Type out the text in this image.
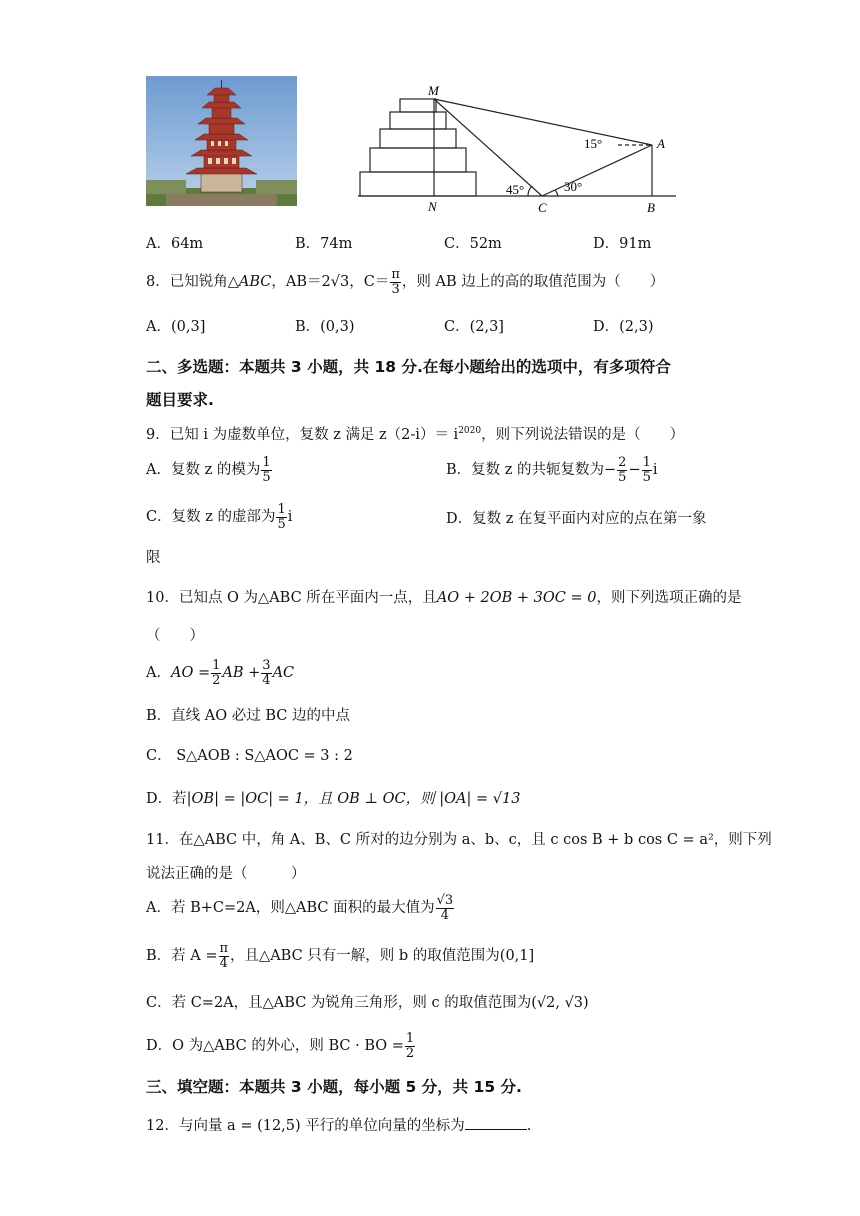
M
N	C	B
A
15°
45°	30°
A．64m	B．74m	C．52m	D．91m
8．已知锐角△ABC，AB＝2√3，$C= \frac{\pi}{3}$ ，则 AB 边上的高的取值范围为（　　）
A．(0,3]	B．(0,3)	C．(2,3]	D．(2,3)
二、多选题：本题共 3 小题，共 18 分.在每小题给出的选项中，有多项符合
题目要求.
9．已知 i 为虚数单位，复数 z 满足 $z(2-i)= i^{2020}$，则下列说法错误的是（　　）
A．复数 z 的模为 $\frac{1}{5}$	B．复数 z 的共轭复数为− $\frac{2}{5} - \frac{1}{5}$ i
C．复数 z 的虚部为 $\frac{1}{5}$ i	D．复数 z 在复平面内对应的点在第一象
限
10．已知点 O 为△ABC 所在平面内一点，且AO + 2OB + 3OC = 0，则下列选项正确的是
（　　）
A．AO = $\frac{1}{2}$ AB + $\frac{3}{4}$ AC
B．直线 AO 必过 BC 边的中点
C． S△AOB : S△AOC = 3 : 2
D．若|OB| = |OC| = 1，且 OB ⊥ OC，则 |OA| = √13
11．在△ABC 中，角 A、B、C 所对的边分别为 a、b、c，且 c cos B + b cos C = a²，则下列
说法正确的是（　　　）
A．若 B+C=2A，则△ABC 面积的最大值为 $\frac{√3}{4}$
B．若 $A = \frac{\pi}{4}$ ，且△ABC 只有一解，则 b 的取值范围为(0,1]
C．若 C=2A，且△ABC 为锐角三角形，则 c 的取值范围为(√2, √3)
D．O 为△ABC 的外心，则 BC · BO = $\frac{1}{2}$
三、填空题：本题共 3 小题，每小题 5 分，共 15 分.
12．与向量 a = (12,5) 平行的单位向量的坐标为	.
